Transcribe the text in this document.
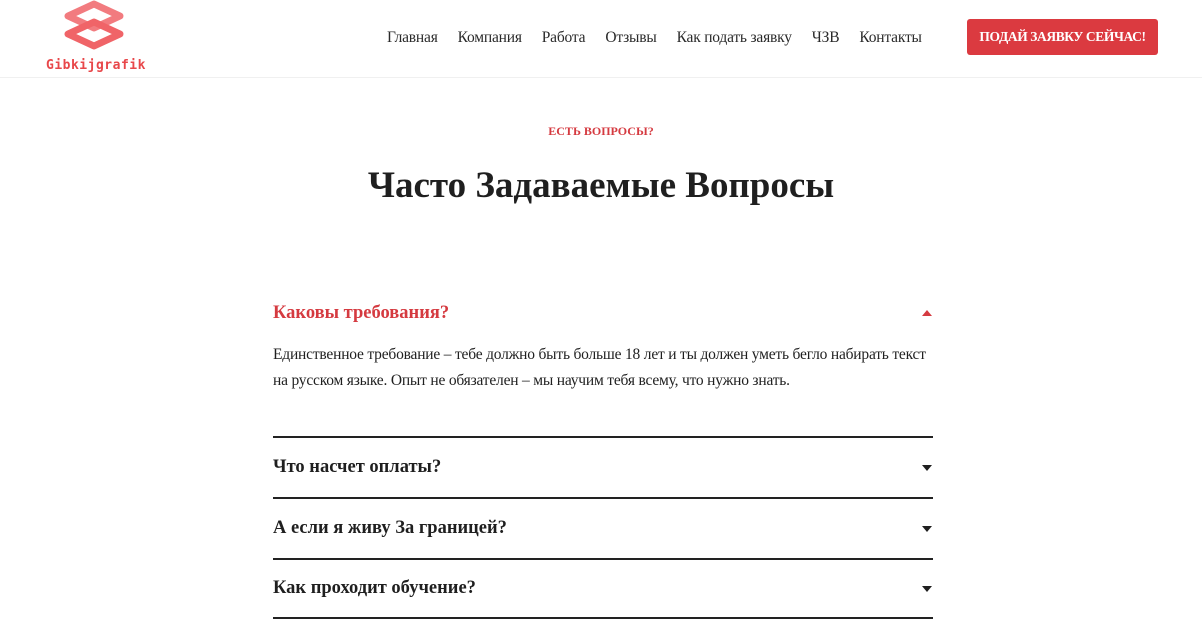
Gibkijgrafik
Главная Компания Работа Отзывы Как подать заявку ЧЗВ Контакты	ПОДАЙ ЗАЯВКУ СЕЙЧАС!
ЕСТЬ ВОПРОСЫ?
Часто Задаваемые Вопросы
Каковы требования?
Единственное требование – тебе должно быть больше 18 лет и ты должен уметь бегло набирать текст на русском языке. Опыт не обязателен – мы научим тебя всему, что нужно знать.
Что насчет оплаты?
А если я живу За границей?
Как проходит обучение?
